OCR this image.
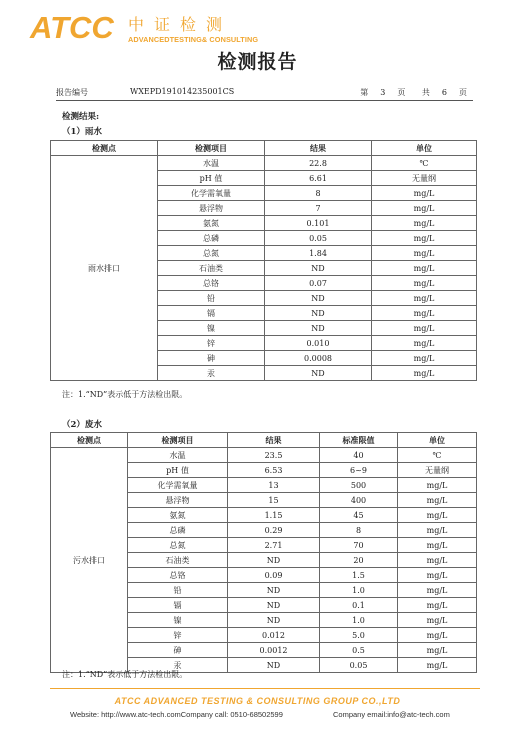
ATCC 中证检测
ADVANCEDTESTING& CONSULTING
检测报告
报告编号	WXEPD191014235001CS	第 3 页 共 6 页
检测结果:
（1）雨水
检测点	检测项目	结果	单位
雨水排口	水温	22.8	℃
	pH 值	6.61	无量纲
	化学需氧量	8	mg/L
	悬浮物	7	mg/L
	氨氮	0.101	mg/L
	总磷	0.05	mg/L
	总氮	1.84	mg/L
	石油类	ND	mg/L
	总铬	0.07	mg/L
	铅	ND	mg/L
	镉	ND	mg/L
	镍	ND	mg/L
	锌	0.010	mg/L
	砷	0.0008	mg/L
	汞	ND	mg/L
注：1.“ND”表示低于方法检出限。
（2）废水
检测点	检测项目	结果	标准限值	单位
污水排口	水温	23.5	40	℃
	pH 值	6.53	6~9	无量纲
	化学需氧量	13	500	mg/L
	悬浮物	15	400	mg/L
	氨氮	1.15	45	mg/L
	总磷	0.29	8	mg/L
	总氮	2.71	70	mg/L
	石油类	ND	20	mg/L
	总铬	0.09	1.5	mg/L
	铅	ND	1.0	mg/L
	镉	ND	0.1	mg/L
	镍	ND	1.0	mg/L
	锌	0.012	5.0	mg/L
	砷	0.0012	0.5	mg/L
	汞	ND	0.05	mg/L
注：1.“ND”表示低于方法检出限。
ATCC ADVANCED TESTING & CONSULTING GROUP CO.,LTD
Website: http://www.atc-tech.comCompany call: 0510-68502599	Company email:info@atc-tech.com
